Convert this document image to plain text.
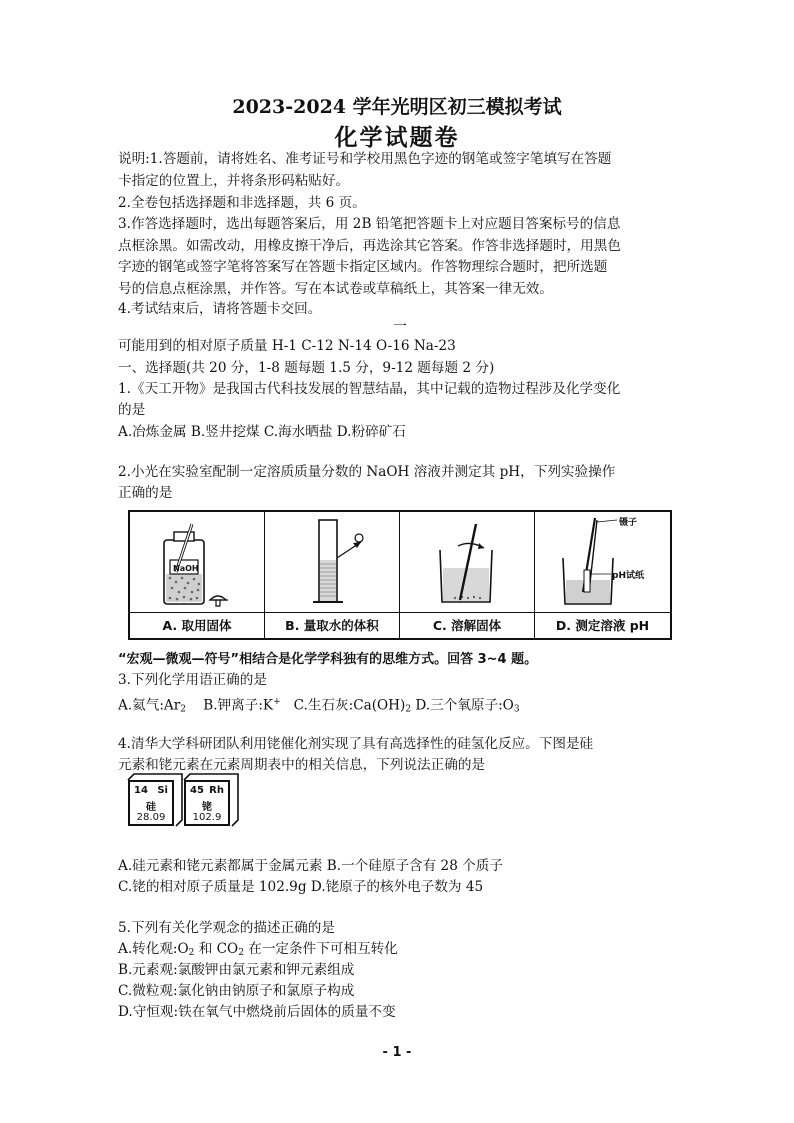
2023-2024 学年光明区初三模拟考试
化学试题卷
说明:1.答题前，请将姓名、准考证号和学校用黑色字迹的钢笔或签字笔填写在答题
卡指定的位置上，并将条形码粘贴好。
2.全卷包括选择题和非选择题，共 6 页。
3.作答选择题时，选出每题答案后，用 2B 铅笔把答题卡上对应题目答案标号的信息
点框涂黑。如需改动，用橡皮擦干净后，再选涂其它答案。作答非选择题时，用黑色
字迹的钢笔或签字笔将答案写在答题卡指定区域内。作答物理综合题时，把所选题
号的信息点框涂黑，并作答。写在本试卷或草稿纸上，其答案一律无效。
4.考试结束后，请将答题卡交回。
一
可能用到的相对原子质量 H-1 C-12 N-14 O-16 Na-23
一、选择题(共 20 分，1-8 题每题 1.5 分，9-12 题每题 2 分)
1.《天工开物》是我国古代科技发展的智慧结晶，其中记载的造物过程涉及化学变化
的是
A.冶炼金属 B.竖井挖煤 C.海水晒盐 D.粉碎矿石
2.小光在实验室配制一定溶质质量分数的 NaOH 溶液并测定其 pH，下列实验操作
正确的是
NaOH
A. 取用固体	B. 量取水的体积	C. 溶解固体
镊子
pH试纸
D. 测定溶液 pH
“宏观—微观—符号”相结合是化学学科独有的思维方式。回答 3~4 题。
3.下列化学用语正确的是
A.氦气$:Ar_2$ B.钾离子:K+ C.生石灰$:Ca(OH)_2$ D.三个氧原子$:O_3$
4.清华大学科研团队利用铑催化剂实现了具有高选择性的硅氢化反应。下图是硅
元素和铑元素在元素周期表中的相关信息，下列说法正确的是
14 Si
硅
28.09
45 Rh
铑
102.9
A.硅元素和铑元素都属于金属元素 B.一个硅原子含有 28 个质子
C.铑的相对原子质量是 102.9g D.铑原子的核外电子数为 45
5.下列有关化学观念的描述正确的是
A.转化观$:O_2$ 和 $CO_2$ 在一定条件下可相互转化
B.元素观:氯酸钾由氯元素和钾元素组成
C.微粒观:氯化钠由钠原子和氯原子构成
D.守恒观:铁在氧气中燃烧前后固体的质量不变
- 1 -
